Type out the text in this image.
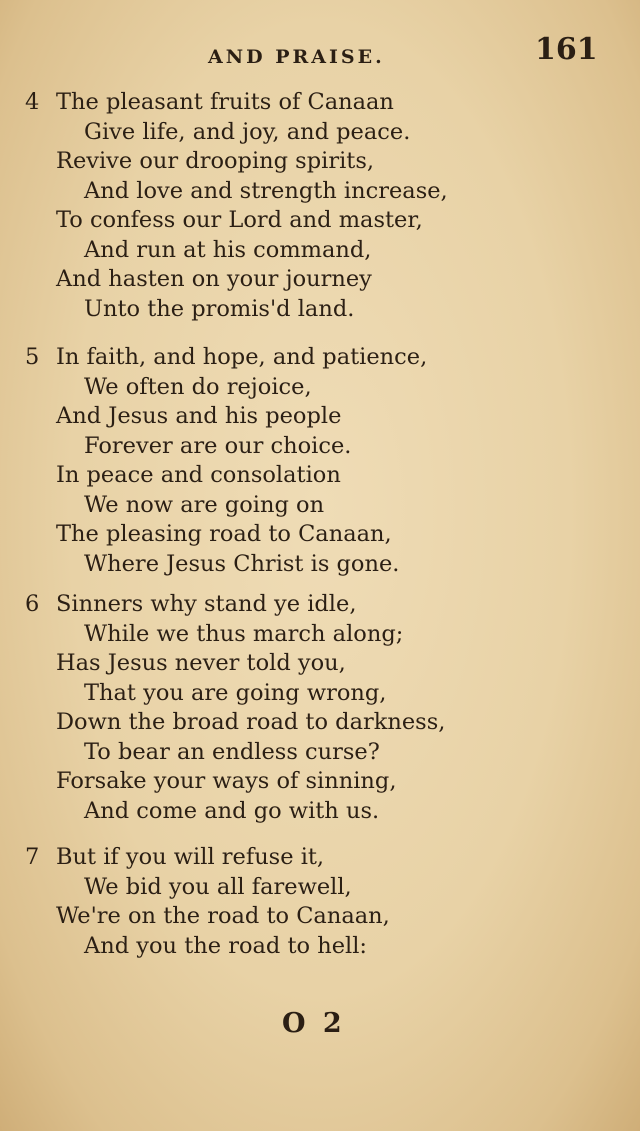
AND PRAISE.	161
4 The pleasant fruits of Canaan
Give life, and joy, and peace.
Revive our drooping spirits,
And love and strength increase,
To confess our Lord and master,
And run at his command,
And hasten on your journey
Unto the promis'd land.
5 In faith, and hope, and patience,
We often do rejoice,
And Jesus and his people
Forever are our choice.
In peace and consolation
We now are going on
The pleasing road to Canaan,
Where Jesus Christ is gone.
6 Sinners why stand ye idle,
While we thus march along;
Has Jesus never told you,
That you are going wrong,
Down the broad road to darkness,
To bear an endless curse?
Forsake your ways of sinning,
And come and go with us.
7 But if you will refuse it,
We bid you all farewell,
We're on the road to Canaan,
And you the road to hell:
O 2
